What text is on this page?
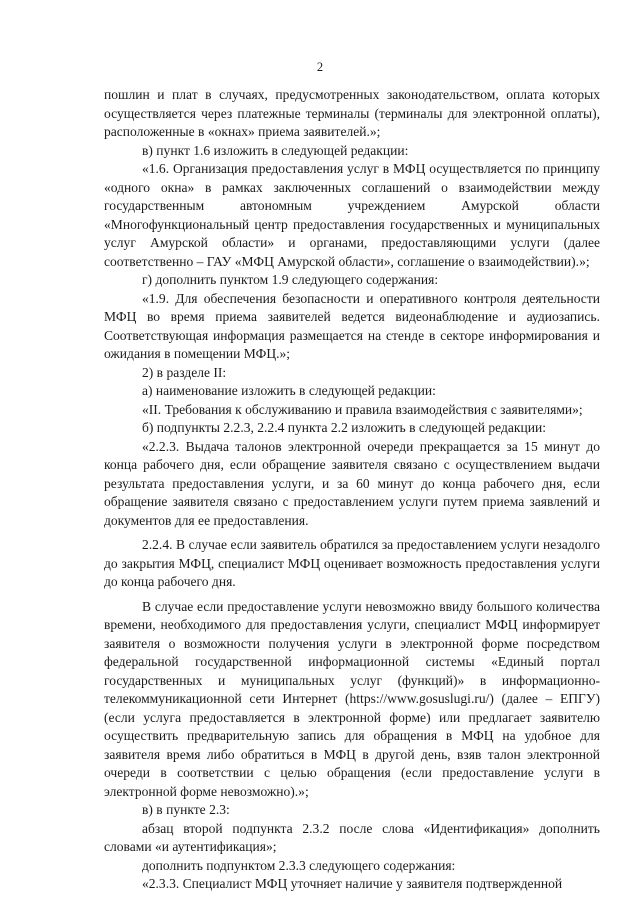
2

пошлин и плат в случаях, предусмотренных законодательством, оплата которых осуществляется через платежные терминалы (терминалы для электронной оплаты), расположенные в «окнах» приема заявителей.»;

в) пункт 1.6 изложить в следующей редакции:

«1.6. Организация предоставления услуг в МФЦ осуществляется по принципу «одного окна» в рамках заключенных соглашений о взаимодействии между государственным автономным учреждением Амурской области «Многофункциональный центр предоставления государственных и муниципальных услуг Амурской области» и органами, предоставляющими услуги (далее соответственно – ГАУ «МФЦ Амурской области», соглашение о взаимодействии).»;

г) дополнить пунктом 1.9 следующего содержания:

«1.9. Для обеспечения безопасности и оперативного контроля деятельности МФЦ во время приема заявителей ведется видеонаблюдение и аудиозапись. Соответствующая информация размещается на стенде в секторе информирования и ожидания в помещении МФЦ.»;

2) в разделе II:

а) наименование изложить в следующей редакции:

«II. Требования к обслуживанию и правила взаимодействия с заявителями»;

б) подпункты 2.2.3, 2.2.4 пункта 2.2 изложить в следующей редакции:

«2.2.3. Выдача талонов электронной очереди прекращается за 15 минут до конца рабочего дня, если обращение заявителя связано с осуществлением выдачи результата предоставления услуги, и за 60 минут до конца рабочего дня, если обращение заявителя связано с предоставлением услуги путем приема заявлений и документов для ее предоставления.

2.2.4. В случае если заявитель обратился за предоставлением услуги незадолго до закрытия МФЦ, специалист МФЦ оценивает возможность предоставления услуги до конца рабочего дня.

В случае если предоставление услуги невозможно ввиду большого количества времени, необходимого для предоставления услуги, специалист МФЦ информирует заявителя о возможности получения услуги в электронной форме посредством федеральной государственной информационной системы «Единый портал государственных и муниципальных услуг (функций)» в информационно-телекоммуникационной сети Интернет (https://www.gosuslugi.ru/) (далее – ЕПГУ) (если услуга предоставляется в электронной форме) или предлагает заявителю осуществить предварительную запись для обращения в МФЦ на удобное для заявителя время либо обратиться в МФЦ в другой день, взяв талон электронной очереди в соответствии с целью обращения (если предоставление услуги в электронной форме невозможно).»;

в) в пункте 2.3:

абзац второй подпункта 2.3.2 после слова «Идентификация» дополнить словами «и аутентификация»;

дополнить подпунктом 2.3.3 следующего содержания:

«2.3.3. Специалист МФЦ уточняет наличие у заявителя подтвержденной
